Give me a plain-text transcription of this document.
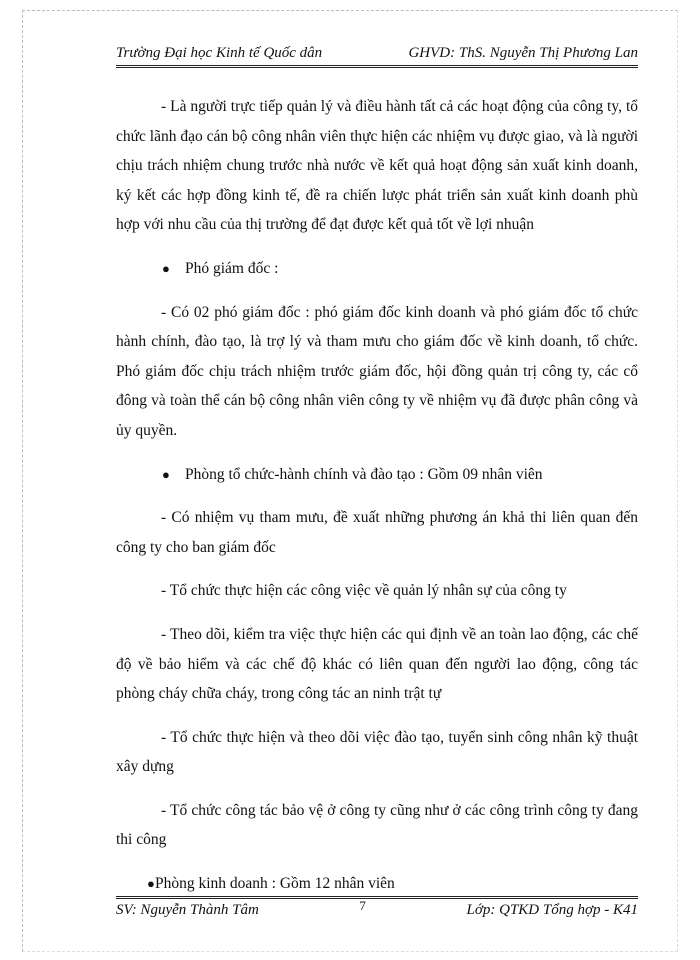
Trường Đại học Kinh tế Quốc dân	GHVD: ThS. Nguyễn Thị Phương Lan

- Là người trực tiếp quản lý và điều hành tất cả các hoạt động của công ty, tổ chức lãnh đạo cán bộ công nhân viên thực hiện các nhiệm vụ được giao, và là người chịu trách nhiệm chung trước nhà nước về kết quả hoạt động sản xuất kinh doanh, ký kết các hợp đồng kinh tế, đề ra chiến lược phát triển sản xuất kinh doanh phù hợp với nhu cầu của thị trường để đạt được kết quả tốt về lợi nhuận

● Phó giám đốc :

- Có 02 phó giám đốc : phó giám đốc kinh doanh và phó giám đốc tổ chức hành chính, đào tạo, là trợ lý và tham mưu cho giám đốc về kinh doanh, tổ chức. Phó giám đốc chịu trách nhiệm trước giám đốc, hội đồng quản trị công ty, các cổ đông và toàn thể cán bộ công nhân viên công ty về nhiệm vụ đã được phân công và ủy quyền.

● Phòng tổ chức-hành chính và đào tạo : Gồm 09 nhân viên

- Có nhiệm vụ tham mưu, đề xuất những phương án khả thi liên quan đến công ty cho ban giám đốc

- Tổ chức thực hiện các công việc về quản lý nhân sự của công ty

- Theo dõi, kiểm tra việc thực hiện các qui định về an toàn lao động, các chế độ về bảo hiểm và các chế độ khác có liên quan đến người lao động, công tác phòng cháy chữa cháy, trong công tác an ninh trật tự

- Tổ chức thực hiện và theo dõi việc đào tạo, tuyển sinh công nhân kỹ thuật xây dựng

- Tổ chức công tác bảo vệ ở công ty cũng như ở các công trình công ty đang thi công

● Phòng kinh doanh : Gồm 12 nhân viên

SV: Nguyễn Thành Tâm	7	Lớp: QTKD Tổng hợp - K41
